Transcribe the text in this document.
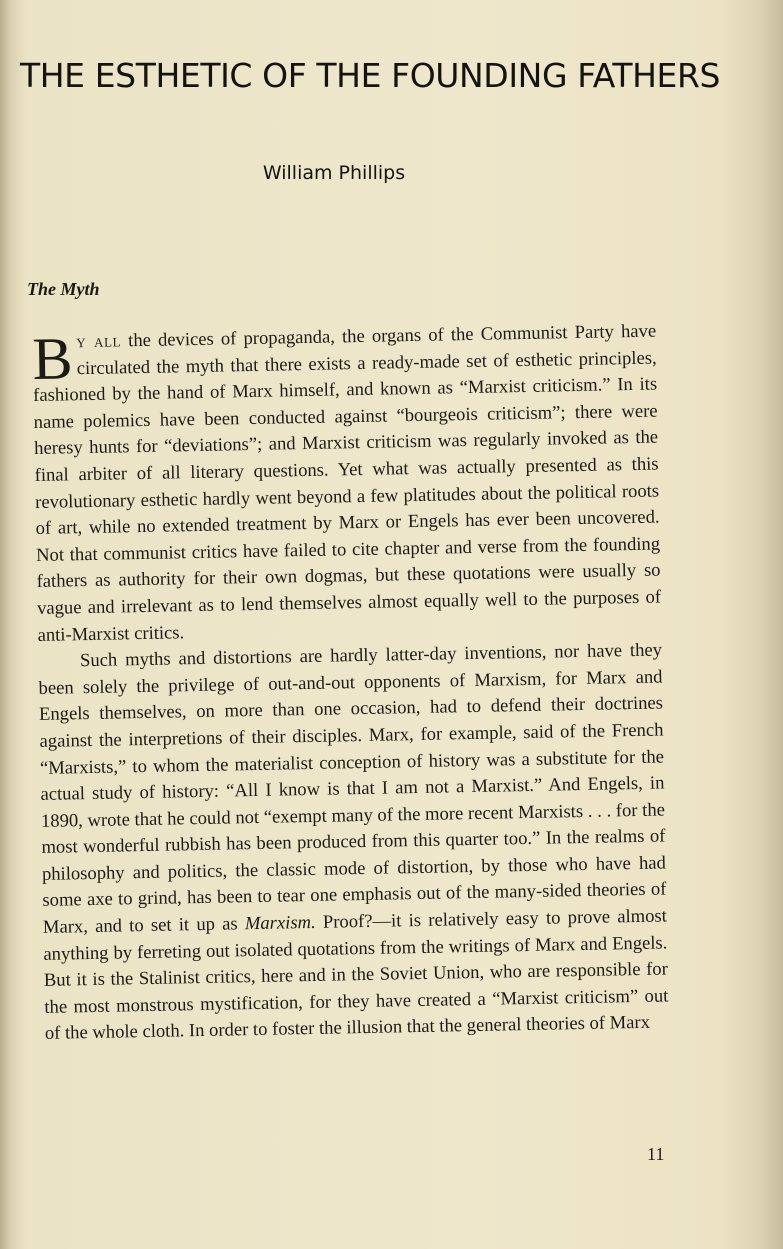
THE ESTHETIC OF THE FOUNDING FATHERS
William Phillips
The Myth

By all the devices of propaganda, the organs of the Communist Party have circulated the myth that there exists a ready-made set of esthetic principles, fashioned by the hand of Marx himself, and known as “Marxist criticism.” In its name polemics have been conducted against “bourgeois criticism”; there were heresy hunts for “deviations”; and Marxist criticism was regularly invoked as the final arbiter of all literary questions. Yet what was actually presented as this revolutionary esthetic hardly went beyond a few platitudes about the political roots of art, while no extended treatment by Marx or Engels has ever been uncovered. Not that communist critics have failed to cite chapter and verse from the founding fathers as authority for their own dogmas, but these quotations were usually so vague and irrelevant as to lend themselves almost equally well to the purposes of anti-Marxist critics.

Such myths and distortions are hardly latter-day inventions, nor have they been solely the privilege of out-and-out opponents of Marxism, for Marx and Engels themselves, on more than one occasion, had to defend their doctrines against the interpretions of their disciples. Marx, for example, said of the French “Marxists,” to whom the materialist conception of history was a substitute for the actual study of history: “All I know is that I am not a Marxist.” And Engels, in 1890, wrote that he could not “exempt many of the more recent Marxists . . . for the most wonderful rubbish has been produced from this quarter too.” In the realms of philosophy and politics, the classic mode of distortion, by those who have had some axe to grind, has been to tear one emphasis out of the many-sided theories of Marx, and to set it up as Marxism. Proof?—it is relatively easy to prove almost anything by ferreting out isolated quotations from the writings of Marx and Engels. But it is the Stalinist critics, here and in the Soviet Union, who are responsible for the most monstrous mystification, for they have created a “Marxist criticism” out of the whole cloth. In order to foster the illusion that the general theories of Marx

11
